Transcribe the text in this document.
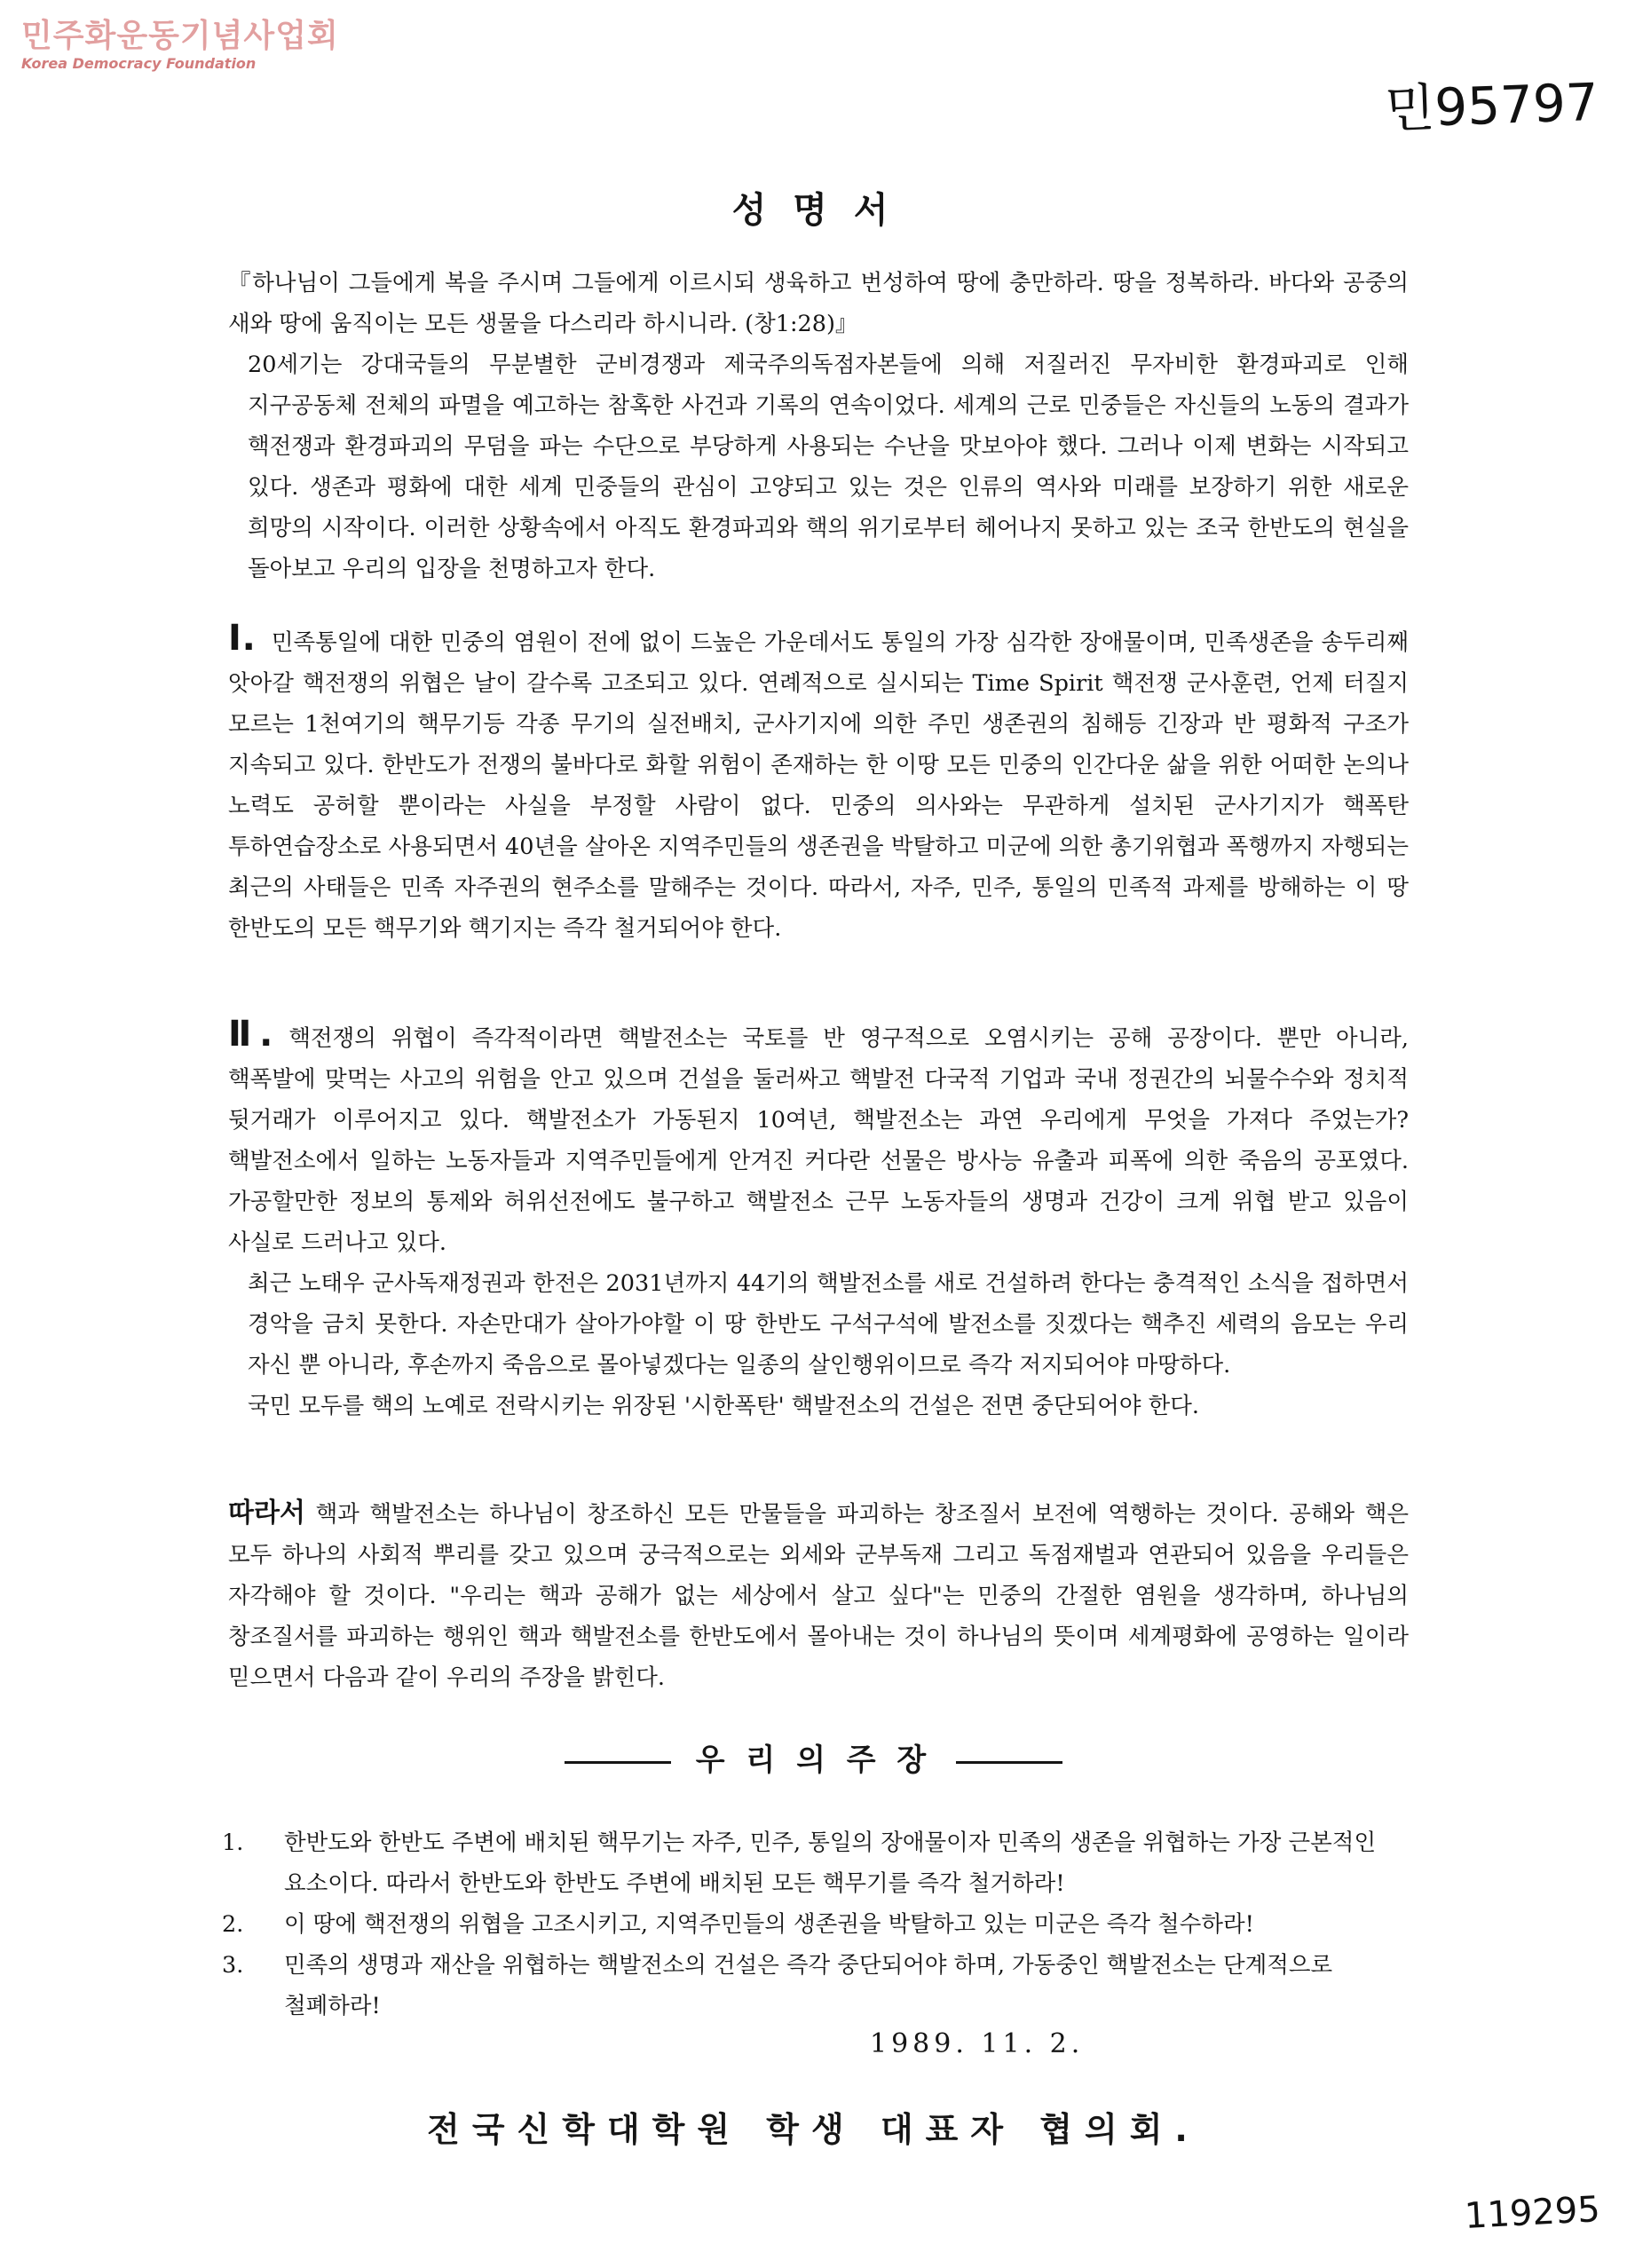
민주화운동기념사업회
Korea Democracy Foundation
민95797
성 명 서

『하나님이 그들에게 복을 주시며 그들에게 이르시되 생육하고 번성하여 땅에 충만하라. 땅을 정복하라. 바다와 공중의 새와 땅에 움직이는 모든 생물을 다스리라 하시니라. (창1:28)』

20세기는 강대국들의 무분별한 군비경쟁과 제국주의독점자본들에 의해 저질러진 무자비한 환경파괴로 인해 지구공동체 전체의 파멸을 예고하는 참혹한 사건과 기록의 연속이었다. 세계의 근로 민중들은 자신들의 노동의 결과가 핵전쟁과 환경파괴의 무덤을 파는 수단으로 부당하게 사용되는 수난을 맛보아야 했다. 그러나 이제 변화는 시작되고 있다. 생존과 평화에 대한 세계 민중들의 관심이 고양되고 있는 것은 인류의 역사와 미래를 보장하기 위한 새로운 희망의 시작이다. 이러한 상황속에서 아직도 환경파괴와 핵의 위기로부터 헤어나지 못하고 있는 조국 한반도의 현실을 돌아보고 우리의 입장을 천명하고자 한다.

Ⅰ. 민족통일에 대한 민중의 염원이 전에 없이 드높은 가운데서도 통일의 가장 심각한 장애물이며, 민족생존을 송두리째 앗아갈 핵전쟁의 위협은 날이 갈수록 고조되고 있다. 연례적으로 실시되는 Time Spirit 핵전쟁 군사훈련, 언제 터질지 모르는 1천여기의 핵무기등 각종 무기의 실전배치, 군사기지에 의한 주민 생존권의 침해등 긴장과 반 평화적 구조가 지속되고 있다. 한반도가 전쟁의 불바다로 화할 위험이 존재하는 한 이땅 모든 민중의 인간다운 삶을 위한 어떠한 논의나 노력도 공허할 뿐이라는 사실을 부정할 사람이 없다. 민중의 의사와는 무관하게 설치된 군사기지가 핵폭탄 투하연습장소로 사용되면서 40년을 살아온 지역주민들의 생존권을 박탈하고 미군에 의한 총기위협과 폭행까지 자행되는 최근의 사태들은 민족 자주권의 현주소를 말해주는 것이다. 따라서, 자주, 민주, 통일의 민족적 과제를 방해하는 이 땅 한반도의 모든 핵무기와 핵기지는 즉각 철거되어야 한다.

Ⅱ. 핵전쟁의 위협이 즉각적이라면 핵발전소는 국토를 반 영구적으로 오염시키는 공해 공장이다. 뿐만 아니라, 핵폭발에 맞먹는 사고의 위험을 안고 있으며 건설을 둘러싸고 핵발전 다국적 기업과 국내 정권간의 뇌물수수와 정치적 뒷거래가 이루어지고 있다. 핵발전소가 가동된지 10여년, 핵발전소는 과연 우리에게 무엇을 가져다 주었는가? 핵발전소에서 일하는 노동자들과 지역주민들에게 안겨진 커다란 선물은 방사능 유출과 피폭에 의한 죽음의 공포였다. 가공할만한 정보의 통제와 허위선전에도 불구하고 핵발전소 근무 노동자들의 생명과 건강이 크게 위협 받고 있음이 사실로 드러나고 있다.

최근 노태우 군사독재정권과 한전은 2031년까지 44기의 핵발전소를 새로 건설하려 한다는 충격적인 소식을 접하면서 경악을 금치 못한다. 자손만대가 살아가야할 이 땅 한반도 구석구석에 발전소를 짓겠다는 핵추진 세력의 음모는 우리 자신 뿐 아니라, 후손까지 죽음으로 몰아넣겠다는 일종의 살인행위이므로 즉각 저지되어야 마땅하다.

국민 모두를 핵의 노예로 전락시키는 위장된 '시한폭탄' 핵발전소의 건설은 전면 중단되어야 한다.

따라서 핵과 핵발전소는 하나님이 창조하신 모든 만물들을 파괴하는 창조질서 보전에 역행하는 것이다. 공해와 핵은 모두 하나의 사회적 뿌리를 갖고 있으며 궁극적으로는 외세와 군부독재 그리고 독점재벌과 연관되어 있음을 우리들은 자각해야 할 것이다. "우리는 핵과 공해가 없는 세상에서 살고 싶다"는 민중의 간절한 염원을 생각하며, 하나님의 창조질서를 파괴하는 행위인 핵과 핵발전소를 한반도에서 몰아내는 것이 하나님의 뜻이며 세계평화에 공영하는 일이라 믿으면서 다음과 같이 우리의 주장을 밝힌다.

우 리 의 주 장
1.	한반도와 한반도 주변에 배치된 핵무기는 자주, 민주, 통일의 장애물이자 민족의 생존을 위협하는 가장 근본적인 요소이다. 따라서 한반도와 한반도 주변에 배치된 모든 핵무기를 즉각 철거하라!
2.	이 땅에 핵전쟁의 위협을 고조시키고, 지역주민들의 생존권을 박탈하고 있는 미군은 즉각 철수하라!
3.	민족의 생명과 재산을 위협하는 핵발전소의 건설은 즉각 중단되어야 하며, 가동중인 핵발전소는 단계적으로 철폐하라!
1989. 11. 2.
전국신학대학원 학생 대표자 협의회.
119295
